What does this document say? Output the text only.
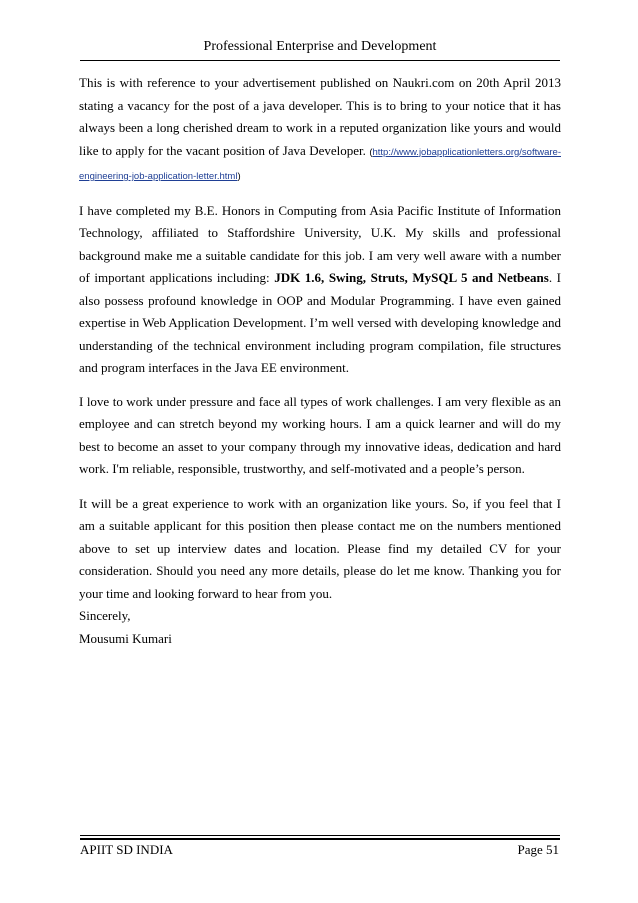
Professional Enterprise and Development

This is with reference to your advertisement published on Naukri.com on 20th April 2013 stating a vacancy for the post of a java developer. This is to bring to your notice that it has always been a long cherished dream to work in a reputed organization like yours and would like to apply for the vacant position of Java Developer. (http://www.jobapplicationletters.org/software-engineering-job-application-letter.html)

I have completed my B.E. Honors in Computing from Asia Pacific Institute of Information Technology, affiliated to Staffordshire University, U.K. My skills and professional background make me a suitable candidate for this job. I am very well aware with a number of important applications including: JDK 1.6, Swing, Struts, MySQL 5 and Netbeans. I also possess profound knowledge in OOP and Modular Programming. I have even gained expertise in Web Application Development. I’m well versed with developing knowledge and understanding of the technical environment including program compilation, file structures and program interfaces in the Java EE environment.

I love to work under pressure and face all types of work challenges. I am very flexible as an employee and can stretch beyond my working hours. I am a quick learner and will do my best to become an asset to your company through my innovative ideas, dedication and hard work. I'm reliable, responsible, trustworthy, and self-motivated and a people’s person.

It will be a great experience to work with an organization like yours. So, if you feel that I am a suitable applicant for this position then please contact me on the numbers mentioned above to set up interview dates and location. Please find my detailed CV for your consideration. Should you need any more details, please do let me know. Thanking you for your time and looking forward to hear from you.

Sincerely,

Mousumi Kumari

APIIT SD INDIA	Page 51
